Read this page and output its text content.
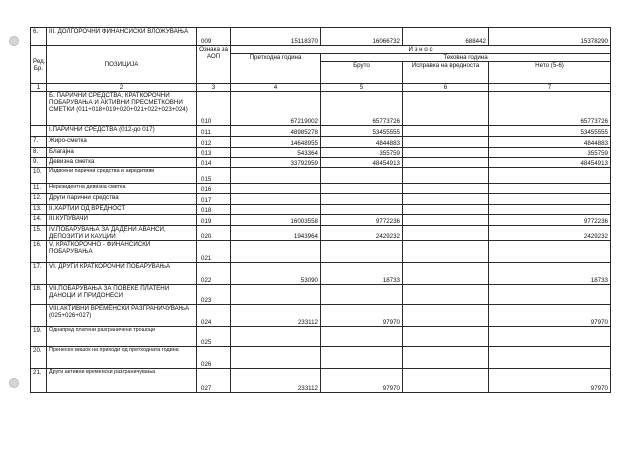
6.	III. ДОЛГОРОЧНИ ФИНАНСИСКИ ВЛОЖУВАЊА	009	15118370	16066732	688442	15378290
Ред. Бр.	ПОЗИЦИЈА	Ознака за АОП	И з н о с			
			Претходна година	Тековна година		
				Бруто	Исправка на вредноста	Нето (5-6)
1	2	3	4	5	6	7
	Б. ПАРИЧНИ СРЕДСТВА, КРАТКОРОЧНИ ПОБАРУВАЊА И АКТИВНИ ПРЕСМЕТКОВНИ СМЕТКИ (011+018+019+020+021+022+023+024)	010	67219002	65773726		65773726
	I.ПАРИЧНИ СРЕДСТВА (012-до 017)	011	48985278	53455555		53455555
7.	Жиро-сметка	012	14648955	4844883		4844883
8.	Благајна	013	543364	355759		355759
9.	Девизна сметка	014	33792959	48454913		48454913
10.	Издвоени парични средства и акредитиви	015				
11.	Нерезидентна девизна сметка	016				
12.	Други парични средства	017				
13.	II.ХАРТИИ ОД ВРЕДНОСТ	018				
14.	III.КУПУВАЧИ	019	16003558	9772236		9772236
15.	IV.ПОБАРУВАЊА ЗА ДАДЕНИ АВАНСИ, ДЕПОЗИТИ И КАУЦИИ	020	1943964	2429232		2429232
16.	V. КРАТКОРОЧНО - ФИНАНСИСКИ ПОБАРУВАЊА	021				
17.	VI. ДРУГИ КРАТКОРОЧНИ ПОБАРУВАЊА	022	53090	18733		18733
18.	VII.ПОБАРУВАЊА ЗА ПОВЕЌЕ ПЛАТЕНИ ДАНОЦИ И ПРИДОНЕСИ	023				
	VIII.АКТИВНИ ВРЕМЕНСКИ РАЗГРАНИЧУВАЊА (025+026+027)	024	233112	97970		97970
19.	Однапред платени разграничени трошоци	025				
20.	Пренесен вишок на приходи од претходната година	026				
21.	Други активни временски разграничувања	027	233112	97970		97970
